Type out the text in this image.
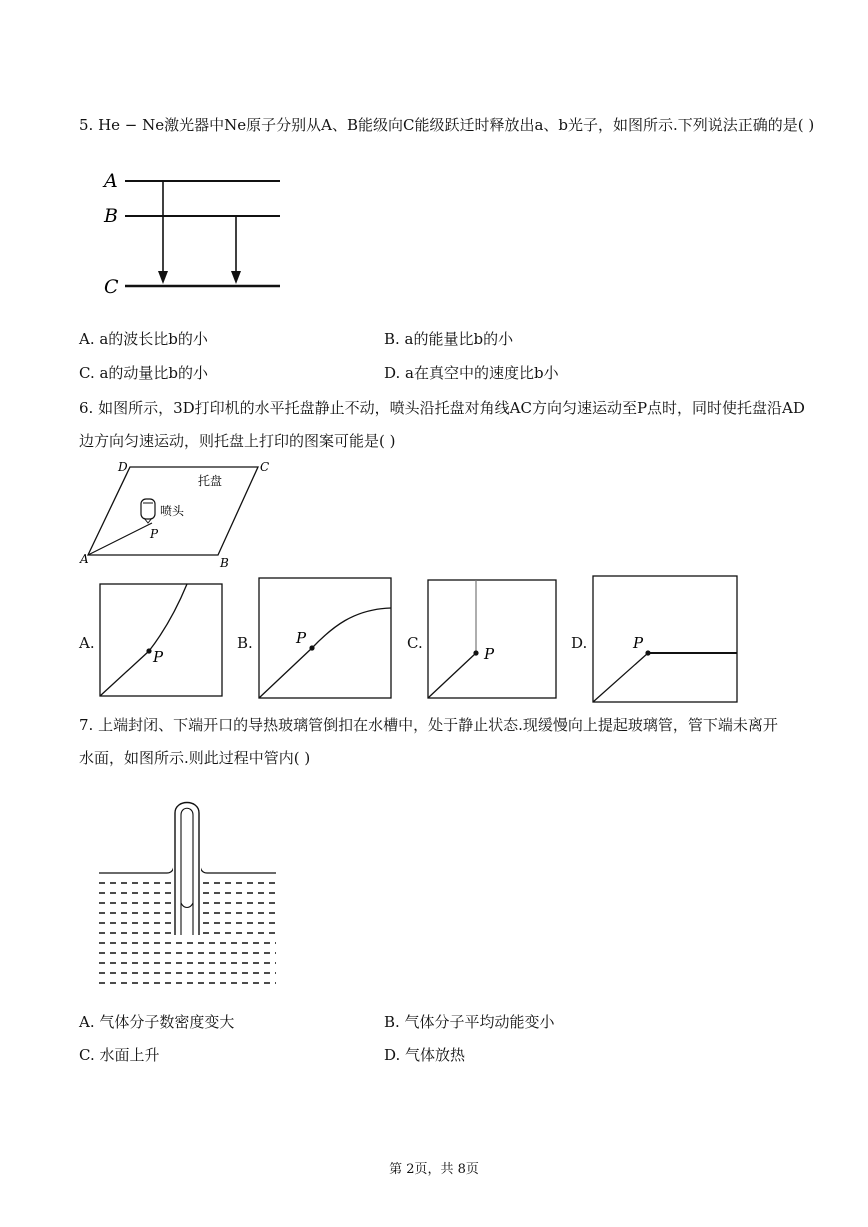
5. He − Ne激光器中Ne原子分别从A、B能级向C能级跃迁时释放出a、b光子，如图所示.下列说法正确的是( )
A
B
C
A. a的波长比b的小	B. a的能量比b的小
C. a的动量比b的小	D. a在真空中的速度比b小
6. 如图所示，3D打印机的水平托盘静止不动，喷头沿托盘对角线AC方向匀速运动至P点时，同时使托盘沿AD
边方向匀速运动，则托盘上打印的图案可能是( )
D	C
A	B
托盘
喷头
P
A.
P
B.	P	C.
P
D.	P
7. 上端封闭、下端开口的导热玻璃管倒扣在水槽中，处于静止状态.现缓慢向上提起玻璃管，管下端未离开
水面，如图所示.则此过程中管内( )
A. 气体分子数密度变大	B. 气体分子平均动能变小
C. 水面上升	D. 气体放热
第 2页，共 8页
